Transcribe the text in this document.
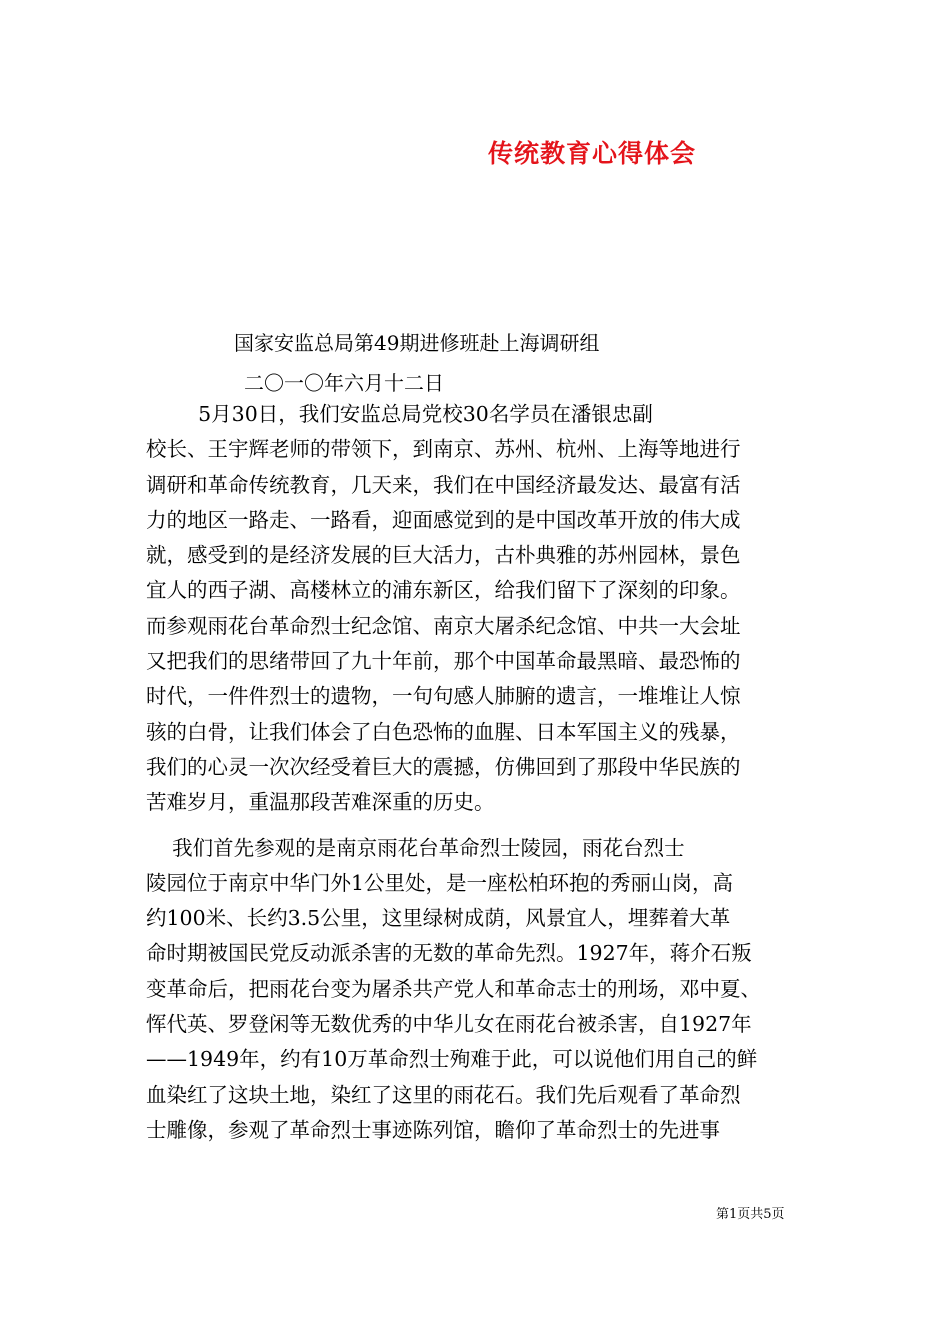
传统教育心得体会
国家安监总局第49期进修班赴上海调研组
二〇一〇年六月十二日
5月30日，我们安监总局党校30名学员在潘银忠副
校长、王宇辉老师的带领下，到南京、苏州、杭州、上海等地进行
调研和革命传统教育，几天来，我们在中国经济最发达、最富有活
力的地区一路走、一路看，迎面感觉到的是中国改革开放的伟大成
就，感受到的是经济发展的巨大活力，古朴典雅的苏州园林，景色
宜人的西子湖、高楼林立的浦东新区，给我们留下了深刻的印象。
而参观雨花台革命烈士纪念馆、南京大屠杀纪念馆、中共一大会址
又把我们的思绪带回了九十年前，那个中国革命最黑暗、最恐怖的
时代，一件件烈士的遗物，一句句感人肺腑的遗言，一堆堆让人惊
骇的白骨，让我们体会了白色恐怖的血腥、日本军国主义的残暴，
我们的心灵一次次经受着巨大的震撼，仿佛回到了那段中华民族的
苦难岁月，重温那段苦难深重的历史。
我们首先参观的是南京雨花台革命烈士陵园，雨花台烈士
陵园位于南京中华门外1公里处，是一座松柏环抱的秀丽山岗，高
约100米、长约3.5公里，这里绿树成荫，风景宜人，埋葬着大革
命时期被国民党反动派杀害的无数的革命先烈。1927年，蒋介石叛
变革命后，把雨花台变为屠杀共产党人和革命志士的刑场，邓中夏、
恽代英、罗登闲等无数优秀的中华儿女在雨花台被杀害，自1927年
——1949年，约有10万革命烈士殉难于此，可以说他们用自己的鲜
血染红了这块土地，染红了这里的雨花石。我们先后观看了革命烈
士雕像，参观了革命烈士事迹陈列馆，瞻仰了革命烈士的先进事
第1页共5页
